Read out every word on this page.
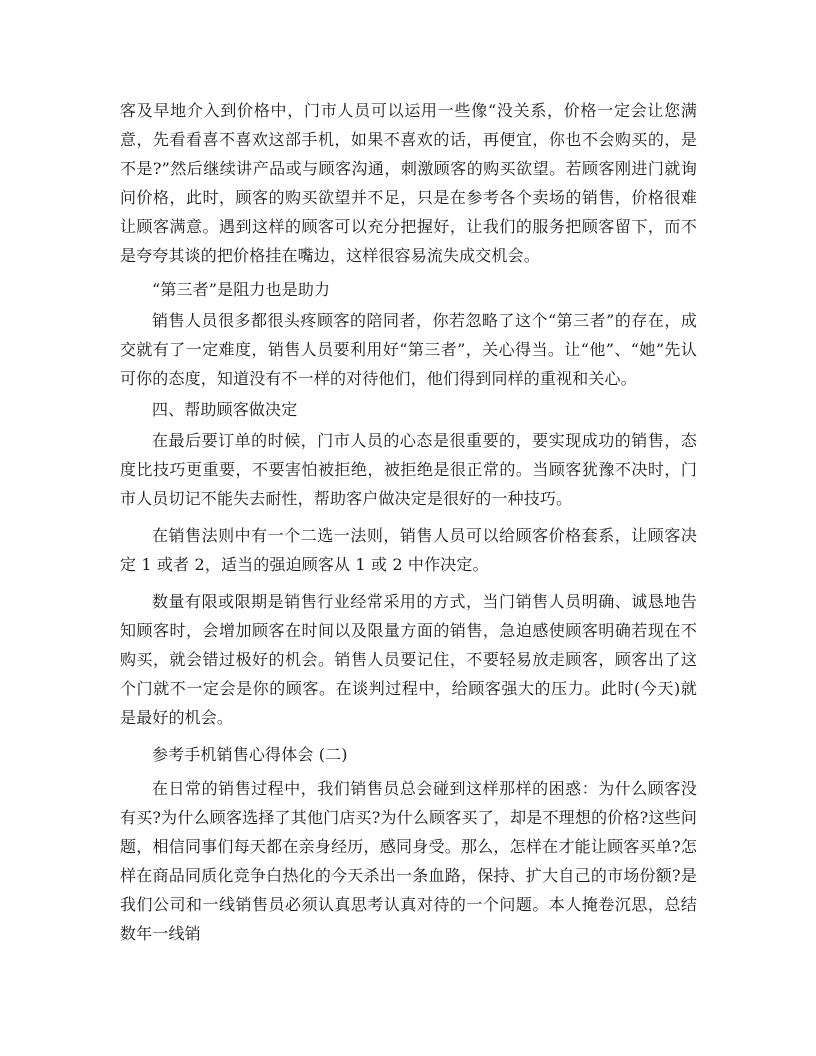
客及早地介入到价格中，门市人员可以运用一些像“没关系，价格一定会让您满意，先看看喜不喜欢这部手机，如果不喜欢的话，再便宜，你也不会购买的，是不是?”然后继续讲产品或与顾客沟通，刺激顾客的购买欲望。若顾客刚进门就询问价格，此时，顾客的购买欲望并不足，只是在参考各个卖场的销售，价格很难让顾客满意。遇到这样的顾客可以充分把握好，让我们的服务把顾客留下，而不是夸夸其谈的把价格挂在嘴边，这样很容易流失成交机会。

“第三者”是阻力也是助力

销售人员很多都很头疼顾客的陪同者，你若忽略了这个“第三者”的存在，成交就有了一定难度，销售人员要利用好“第三者”，关心得当。让“他”、“她”先认可你的态度，知道没有不一样的对待他们，他们得到同样的重视和关心。

四、帮助顾客做决定

在最后要订单的时候，门市人员的心态是很重要的，要实现成功的销售，态度比技巧更重要，不要害怕被拒绝，被拒绝是很正常的。当顾客犹豫不决时，门市人员切记不能失去耐性，帮助客户做决定是很好的一种技巧。

在销售法则中有一个二选一法则，销售人员可以给顾客价格套系，让顾客决定 1 或者 2，适当的强迫顾客从 1 或 2 中作决定。

数量有限或限期是销售行业经常采用的方式，当门销售人员明确、诚恳地告知顾客时，会增加顾客在时间以及限量方面的销售，急迫感使顾客明确若现在不购买，就会错过极好的机会。销售人员要记住，不要轻易放走顾客，顾客出了这个门就不一定会是你的顾客。在谈判过程中，给顾客强大的压力。此时(今天)就是最好的机会。

参考手机销售心得体会 (二)

在日常的销售过程中，我们销售员总会碰到这样那样的困惑：为什么顾客没有买?为什么顾客选择了其他门店买?为什么顾客买了，却是不理想的价格?这些问题，相信同事们每天都在亲身经历，感同身受。那么，怎样在才能让顾客买单?怎样在商品同质化竞争白热化的今天杀出一条血路，保持、扩大自己的市场份额?是我们公司和一线销售员必须认真思考认真对待的一个问题。本人掩卷沉思，总结数年一线销
